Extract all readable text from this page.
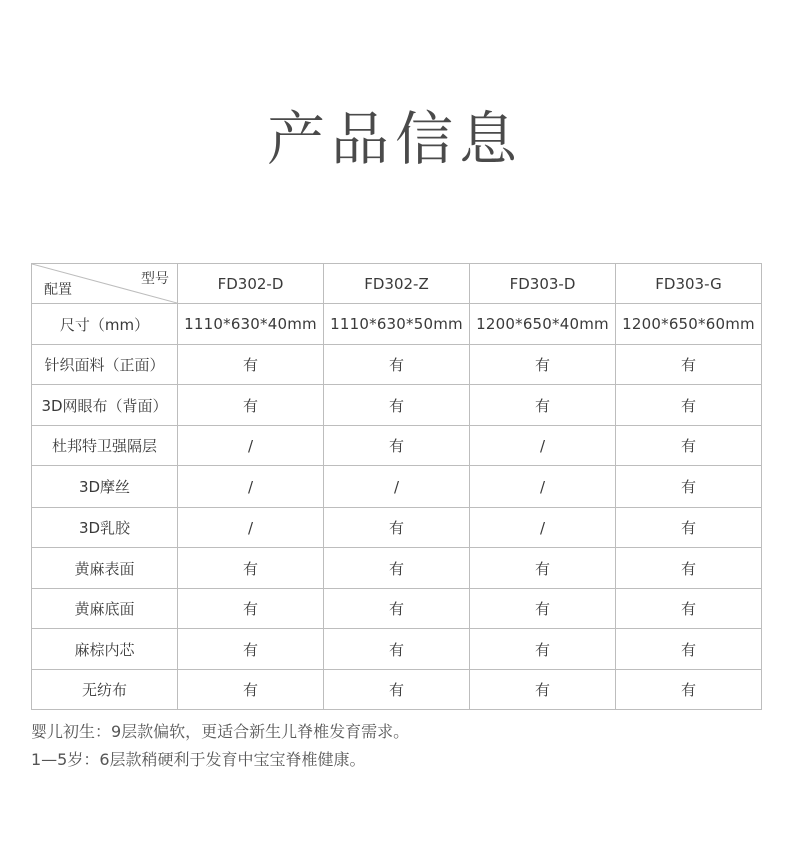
产品信息
型号
配置	FD302-D	FD302-Z	FD303-D	FD303-G
尺寸（mm）	1110*630*40mm	1110*630*50mm	1200*650*40mm	1200*650*60mm
针织面料（正面）	有	有	有	有
3D网眼布（背面）	有	有	有	有
杜邦特卫强隔层	/	有	/	有
3D摩丝	/	/	/	有
3D乳胶	/	有	/	有
黄麻表面	有	有	有	有
黄麻底面	有	有	有	有
麻棕内芯	有	有	有	有
无纺布	有	有	有	有
婴儿初生：9层款偏软，更适合新生儿脊椎发育需求。
1—5岁：6层款稍硬利于发育中宝宝脊椎健康。
